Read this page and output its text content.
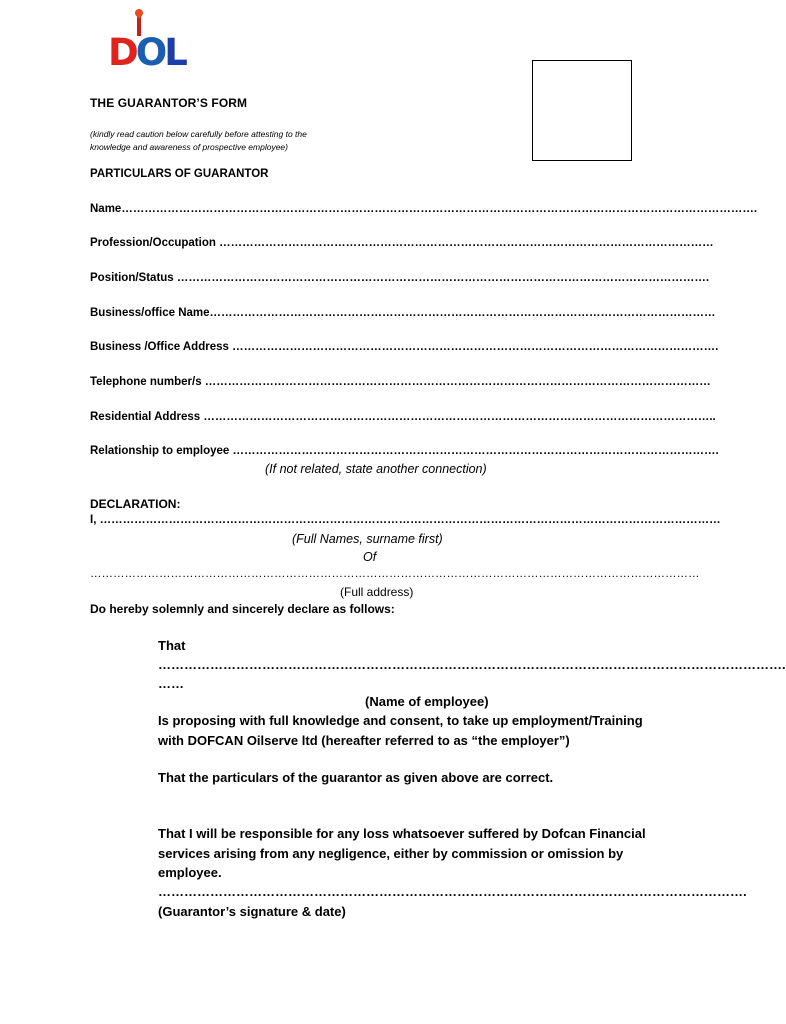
DOL
THE GUARANTOR’S FORM
(kindly read caution below carefully before attesting to the
knowledge and awareness of prospective employee)
PARTICULARS OF GUARANTOR
Name………………………………………………………………………………………………………………………………………………….
Profession/Occupation …………………………………………………………………………………………………………………
Position/Status ………………………………………………………………………………………………………………………….
Business/office Name……………………………………………………………………………………………………………………
Business /Office Address ……………………………………………………………………………………………………………….
Telephone number/s ……………………………………………………………………………………………………………………
Residential Address ……………………………………………………………………………………………………………………..
Relationship to employee ……………………………………………………………………………………………………………….
(If not related, state another connection)
DECLARATION:
I, ………………………………………………………………………………………………………………………………………………
(Full Names, surname first)
Of
……………………………………………………………………………………………………………………………………………
(Full address)
Do hereby solemnly and sincerely declare as follows:
That
……………………………………………………………………………………………………………………………….
……
(Name of employee)
Is proposing with full knowledge and consent, to take up employment/Training
with DOFCAN Oilserve ltd (hereafter referred to as “the employer”)
That the particulars of the guarantor as given above are correct.
That I will be responsible for any loss whatsoever suffered by Dofcan Financial
services arising from any negligence, either by commission or omission by
employee.
……………………………………………………………………………………………………………………….
(Guarantor’s signature & date)
